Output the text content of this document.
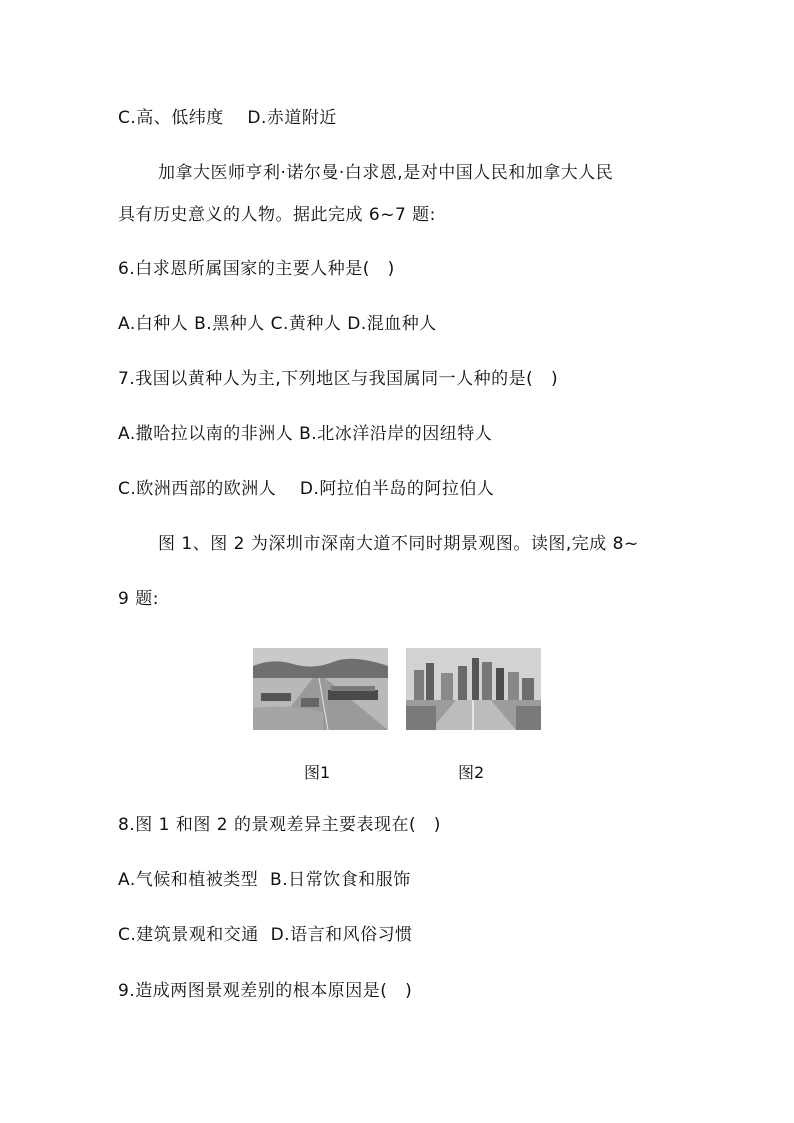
C.高、低纬度    D.赤道附近
加拿大医师亨利·诺尔曼·白求恩,是对中国人民和加拿大人民
具有历史意义的人物。据此完成 6~7 题:
6.白求恩所属国家的主要人种是(   )
A.白种人 B.黑种人 C.黄种人 D.混血种人
7.我国以黄种人为主,下列地区与我国属同一人种的是(   )
A.撒哈拉以南的非洲人 B.北冰洋沿岸的因纽特人
C.欧洲西部的欧洲人    D.阿拉伯半岛的阿拉伯人
图 1、图 2 为深圳市深南大道不同时期景观图。读图,完成 8~
9 题:
图1	图2
8.图 1 和图 2 的景观差异主要表现在(   )
A.气候和植被类型  B.日常饮食和服饰
C.建筑景观和交通  D.语言和风俗习惯
9.造成两图景观差别的根本原因是(   )
